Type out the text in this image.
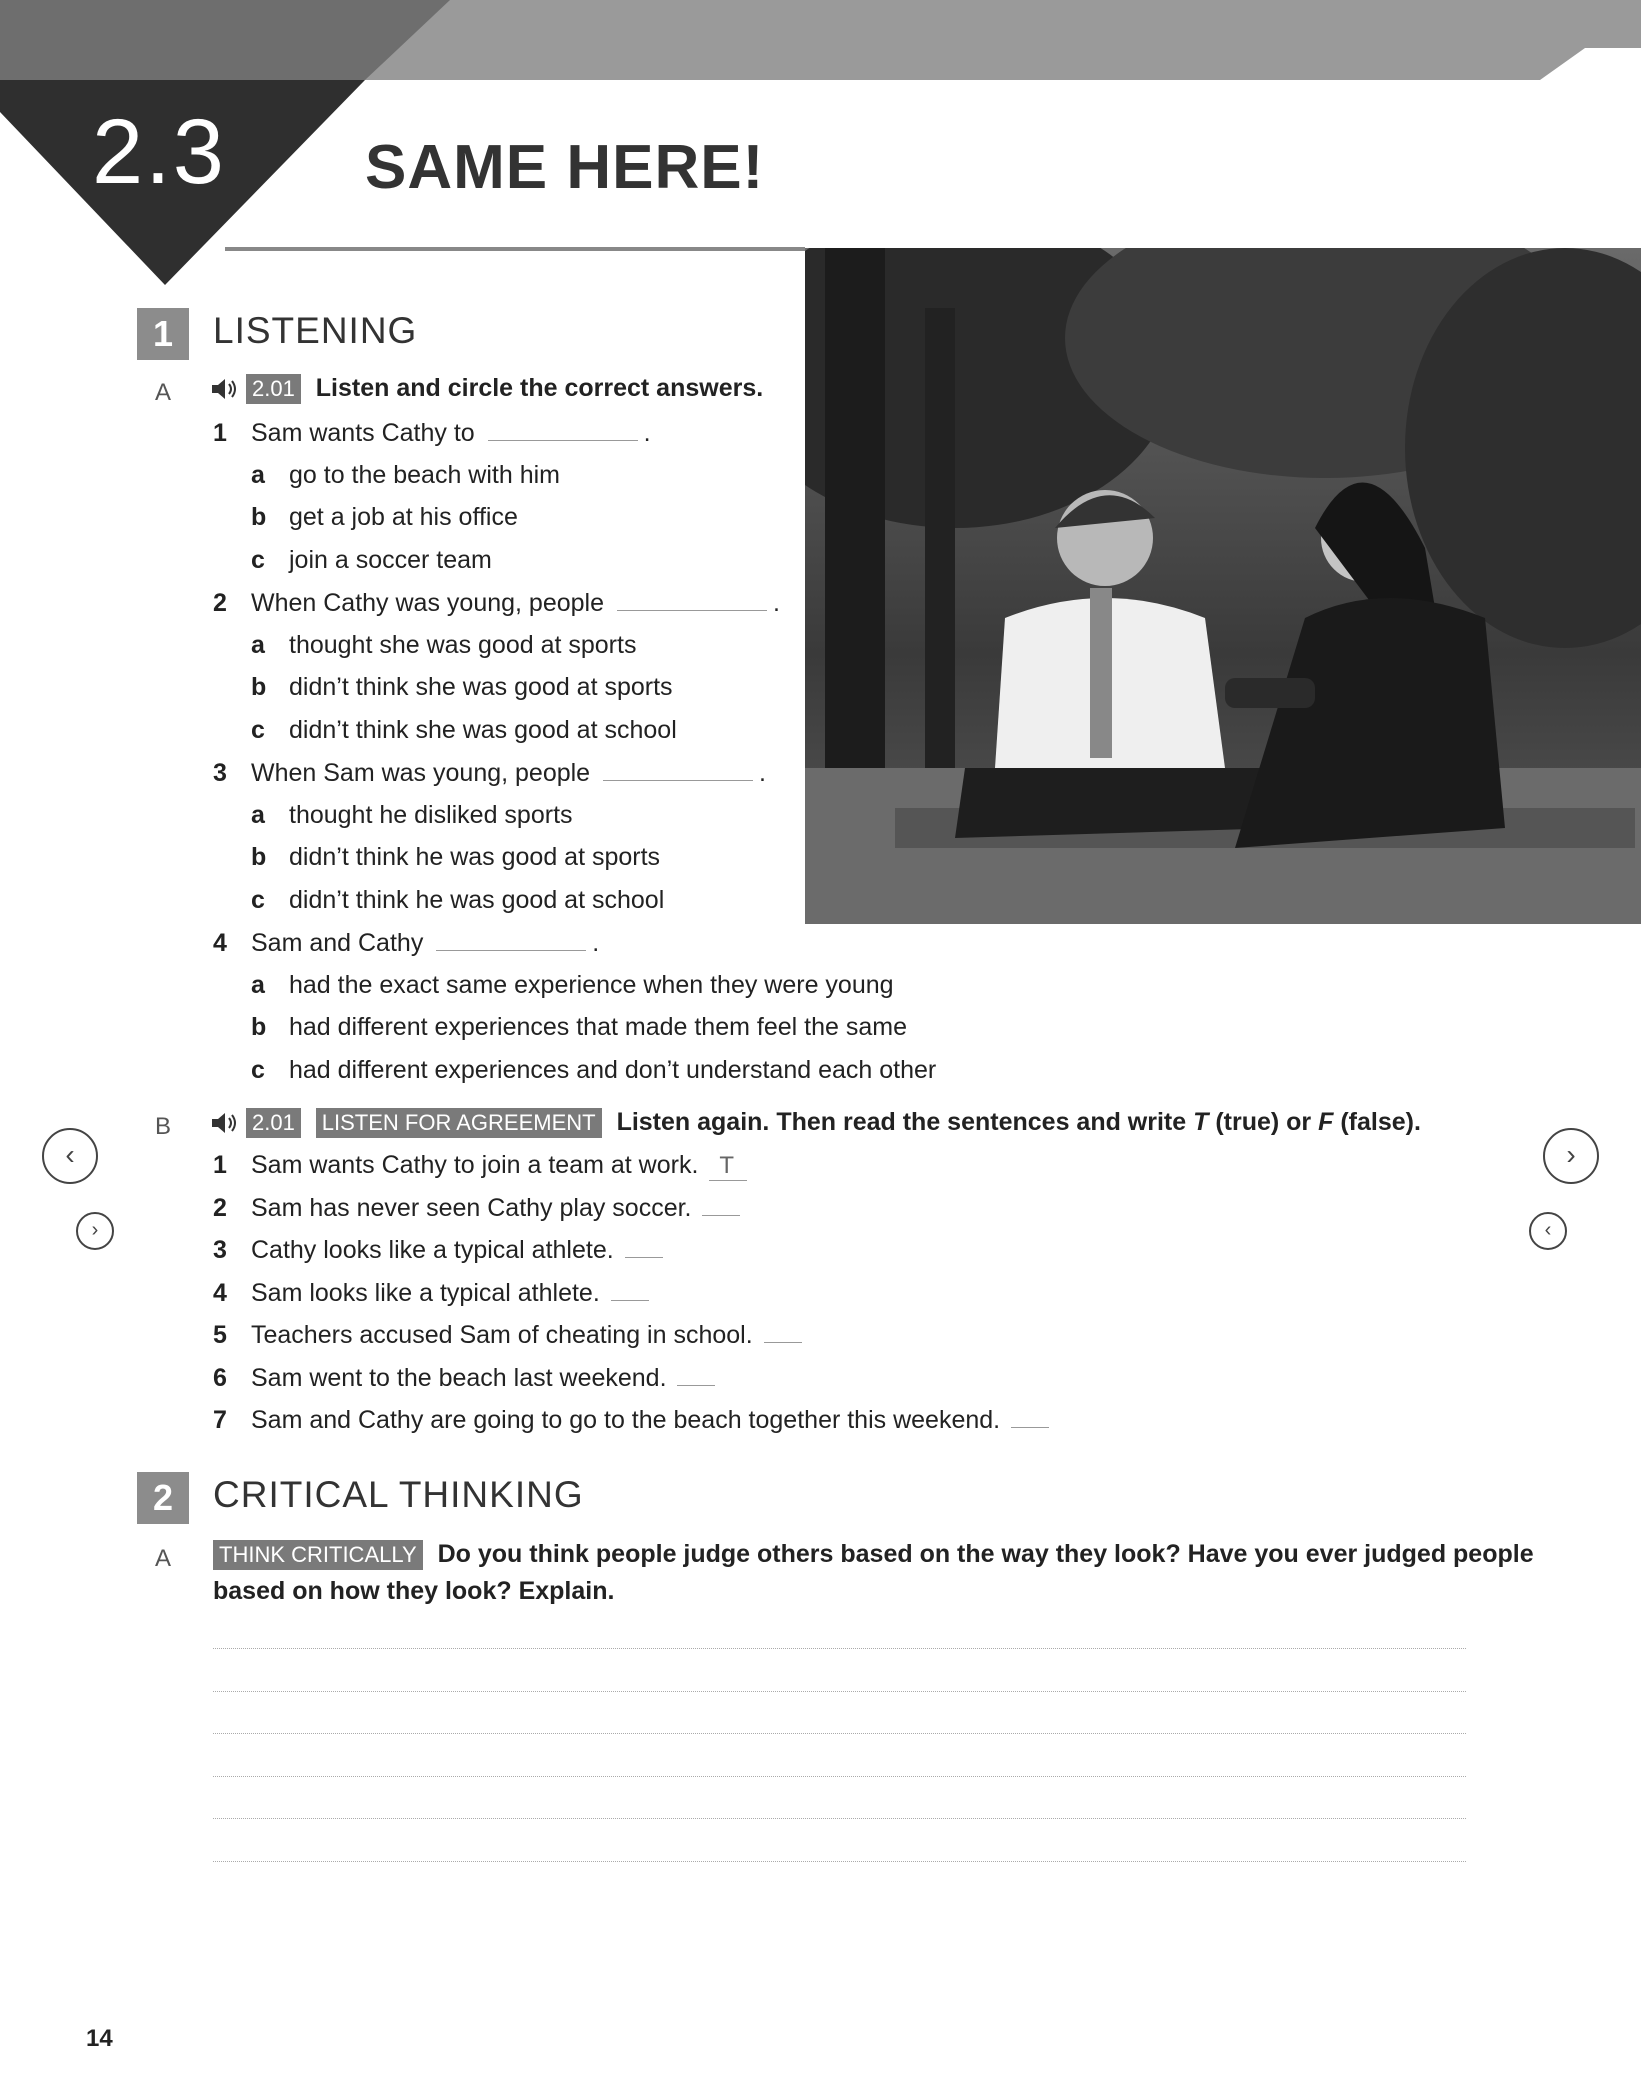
2.3 SAME HERE!
1	LISTENING
A	2.01 Listen and circle the correct answers.
1 Sam wants Cathy to	.
a go to the beach with him
b get a job at his office
c join a soccer team
2 When Cathy was young, people	.
a thought she was good at sports
b didn’t think she was good at sports
c didn’t think she was good at school
3 When Sam was young, people	.
a thought he disliked sports
b didn’t think he was good at sports
c didn’t think he was good at school
4 Sam and Cathy	.
a had the exact same experience when they were young
b had different experiences that made them feel the same
c had different experiences and don’t understand each other
B	2.01 LISTEN FOR AGREEMENT Listen again. Then read the sentences and write T (true) or F (false).
1 Sam wants Cathy to join a team at work. T
2 Sam has never seen Cathy play soccer.
3 Cathy looks like a typical athlete.
4 Sam looks like a typical athlete.
5 Teachers accused Sam of cheating in school.
6 Sam went to the beach last weekend.
7 Sam and Cathy are going to go to the beach together this weekend.
‹
›
›
‹
2	CRITICAL THINKING
A THINK CRITICALLY Do you think people judge others based on the way they look? Have you ever judged people
based on how they look? Explain.
14
